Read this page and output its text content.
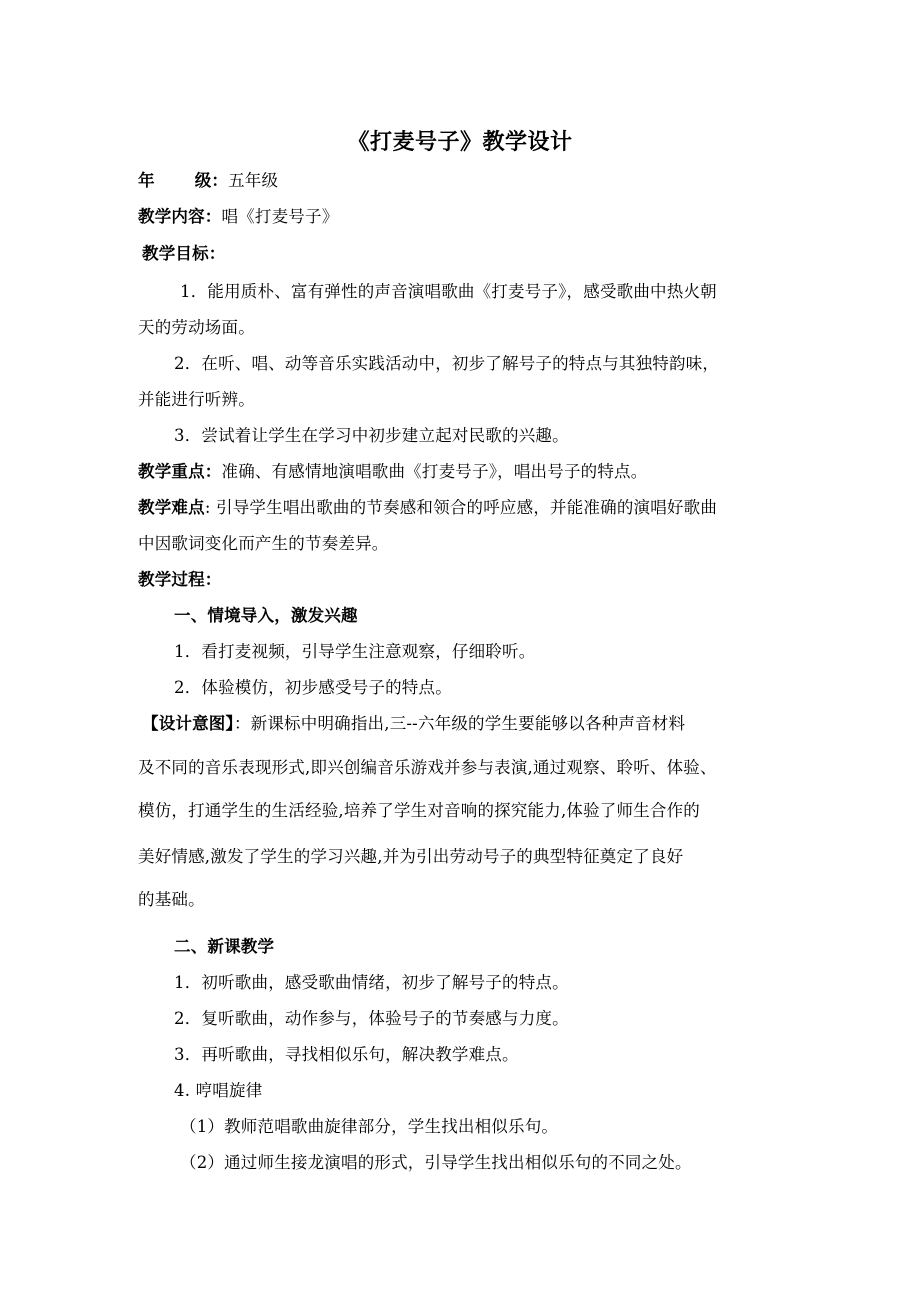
《打麦号子》教学设计
年 级：五年级
教学内容：唱《打麦号子》
教学目标：
1．能用质朴、富有弹性的声音演唱歌曲《打麦号子》，感受歌曲中热火朝
天的劳动场面。
2．在听、唱、动等音乐实践活动中，初步了解号子的特点与其独特韵味，
并能进行听辨。
3．尝试着让学生在学习中初步建立起对民歌的兴趣。
教学重点：准确、有感情地演唱歌曲《打麦号子》，唱出号子的特点。
教学难点: 引导学生唱出歌曲的节奏感和领合的呼应感，并能准确的演唱好歌曲
中因歌词变化而产生的节奏差异。
教学过程：
一、情境导入，激发兴趣
1．看打麦视频，引导学生注意观察，仔细聆听。
2．体验模仿，初步感受号子的特点。
【设计意图】：新课标中明确指出,三--六年级的学生要能够以各种声音材料
及不同的音乐表现形式,即兴创编音乐游戏并参与表演,通过观察、聆听、体验、
模仿，打通学生的生活经验,培养了学生对音响的探究能力,体验了师生合作的
美好情感,激发了学生的学习兴趣,并为引出劳动号子的典型特征奠定了良好
的基础。
二、新课教学
1．初听歌曲，感受歌曲情绪，初步了解号子的特点。
2．复听歌曲，动作参与，体验号子的节奏感与力度。
3．再听歌曲，寻找相似乐句，解决教学难点。
4. 哼唱旋律
（1）教师范唱歌曲旋律部分，学生找出相似乐句。
（2）通过师生接龙演唱的形式，引导学生找出相似乐句的不同之处。
